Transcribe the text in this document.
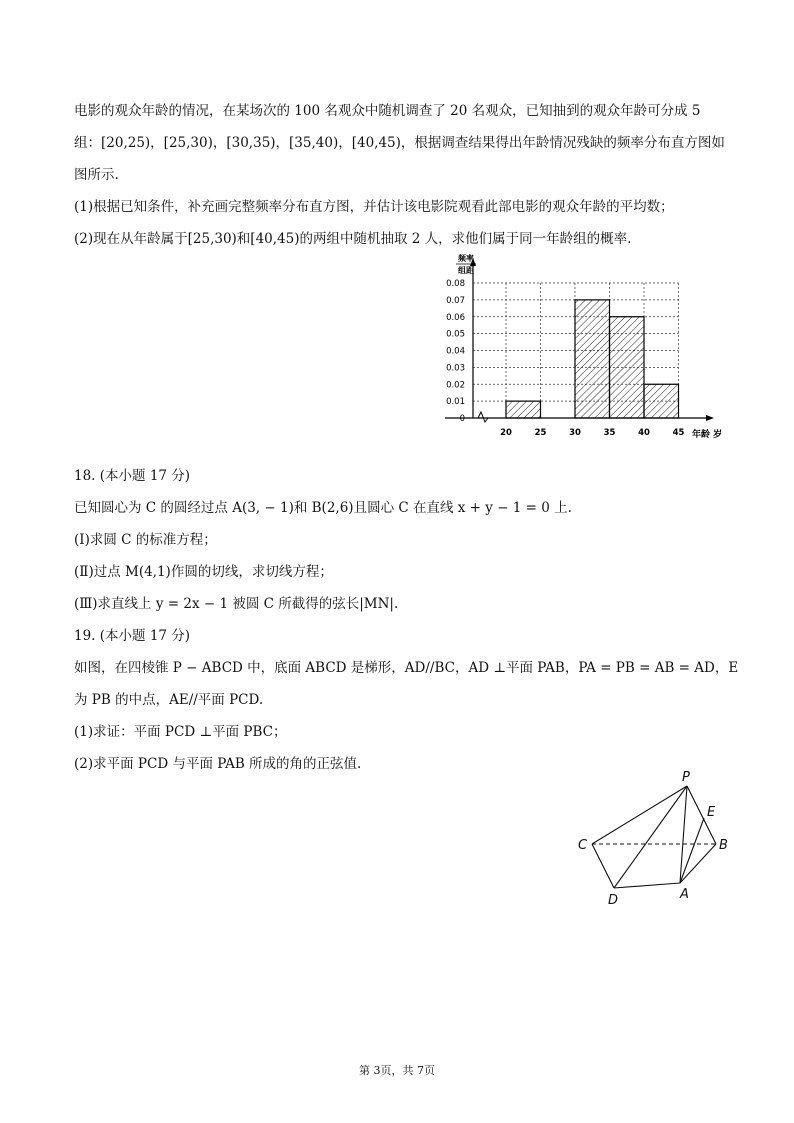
电影的观众年龄的情况，在某场次的 100 名观众中随机调查了 20 名观众，已知抽到的观众年龄可分成 5
组：[20,25)，[25,30)，[30,35)，[35,40)，[40,45)，根据调查结果得出年龄情况残缺的频率分布直方图如
图所示.
(1)根据已知条件，补充画完整频率分布直方图，并估计该电影院观看此部电影的观众年龄的平均数；
(2)现在从年龄属于[25,30)和[40,45)的两组中随机抽取 2 人，求他们属于同一年龄组的概率.
频率
组距
年龄 岁
0.08
0.07
0.06
0.05
0.04
0.03
0.02
0.01
0
20	25	30	35	40	45
18. (本小题 17 分)
已知圆心为 C 的圆经过点 A(3, − 1)和 B(2,6)且圆心 C 在直线 x + y − 1 = 0 上.
(Ⅰ)求圆 C 的标准方程；
(Ⅱ)过点 M(4,1)作圆的切线，求切线方程；
(Ⅲ)求直线上 y = 2x − 1 被圆 C 所截得的弦长|MN|.
19. (本小题 17 分)
如图，在四棱锥 P − ABCD 中，底面 ABCD 是梯形，AD//BC，AD ⊥平面 PAB，PA = PB = AB = AD，E
为 PB 的中点，AE//平面 PCD.
(1)求证：平面 PCD ⊥平面 PBC；
(2)求平面 PCD 与平面 PAB 所成的角的正弦值.
P
E
C	B
D	A
第 3页，共 7页
